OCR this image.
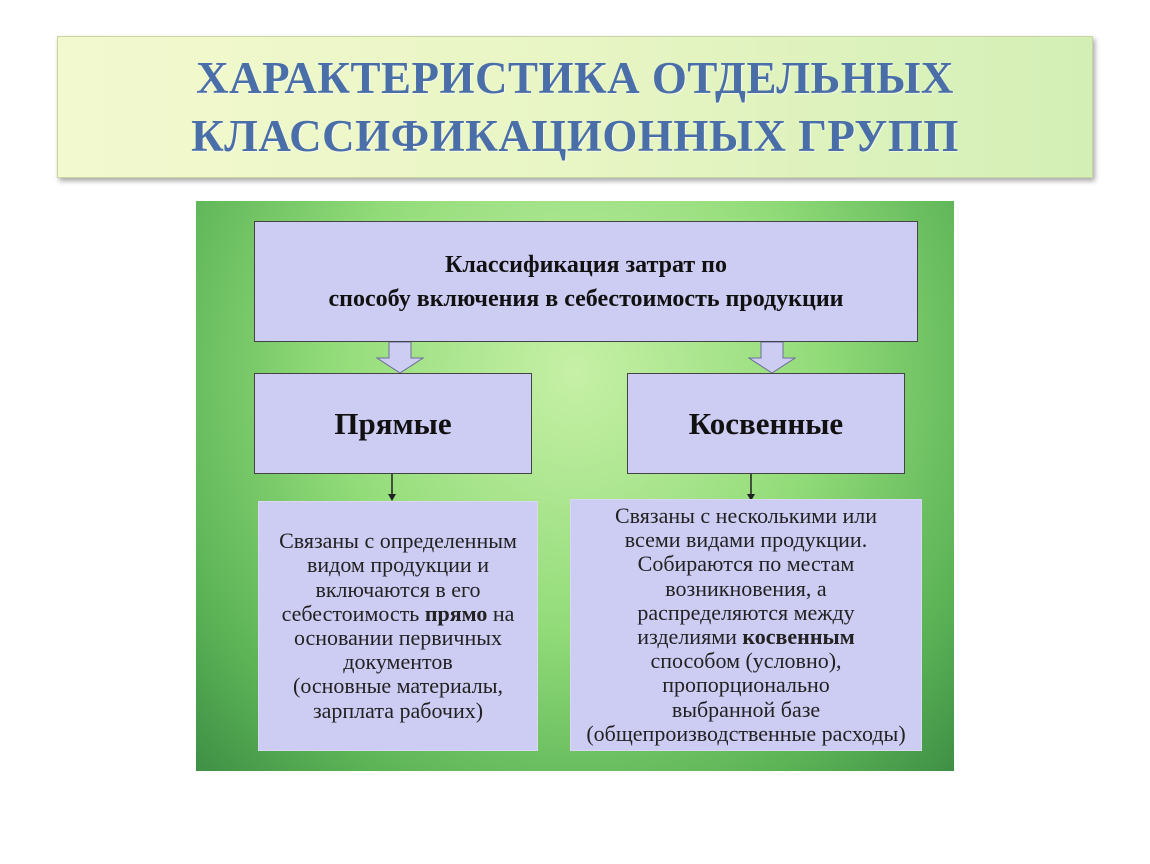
ХАРАКТЕРИСТИКА ОТДЕЛЬНЫХ
КЛАССИФИКАЦИОННЫХ ГРУПП
Классификация затрат по
способу включения в себестоимость продукции
Прямые	Косвенные
Связаны с определенным
видом продукции и
включаются в его
себестоимость прямо на
основании первичных
документов
(основные материалы,
зарплата рабочих)
Связаны с несколькими или
всеми видами продукции.
Собираются по местам
возникновения, а
распределяются между
изделиями косвенным
способом (условно),
пропорционально
выбранной базе
(общепроизводственные расходы)
